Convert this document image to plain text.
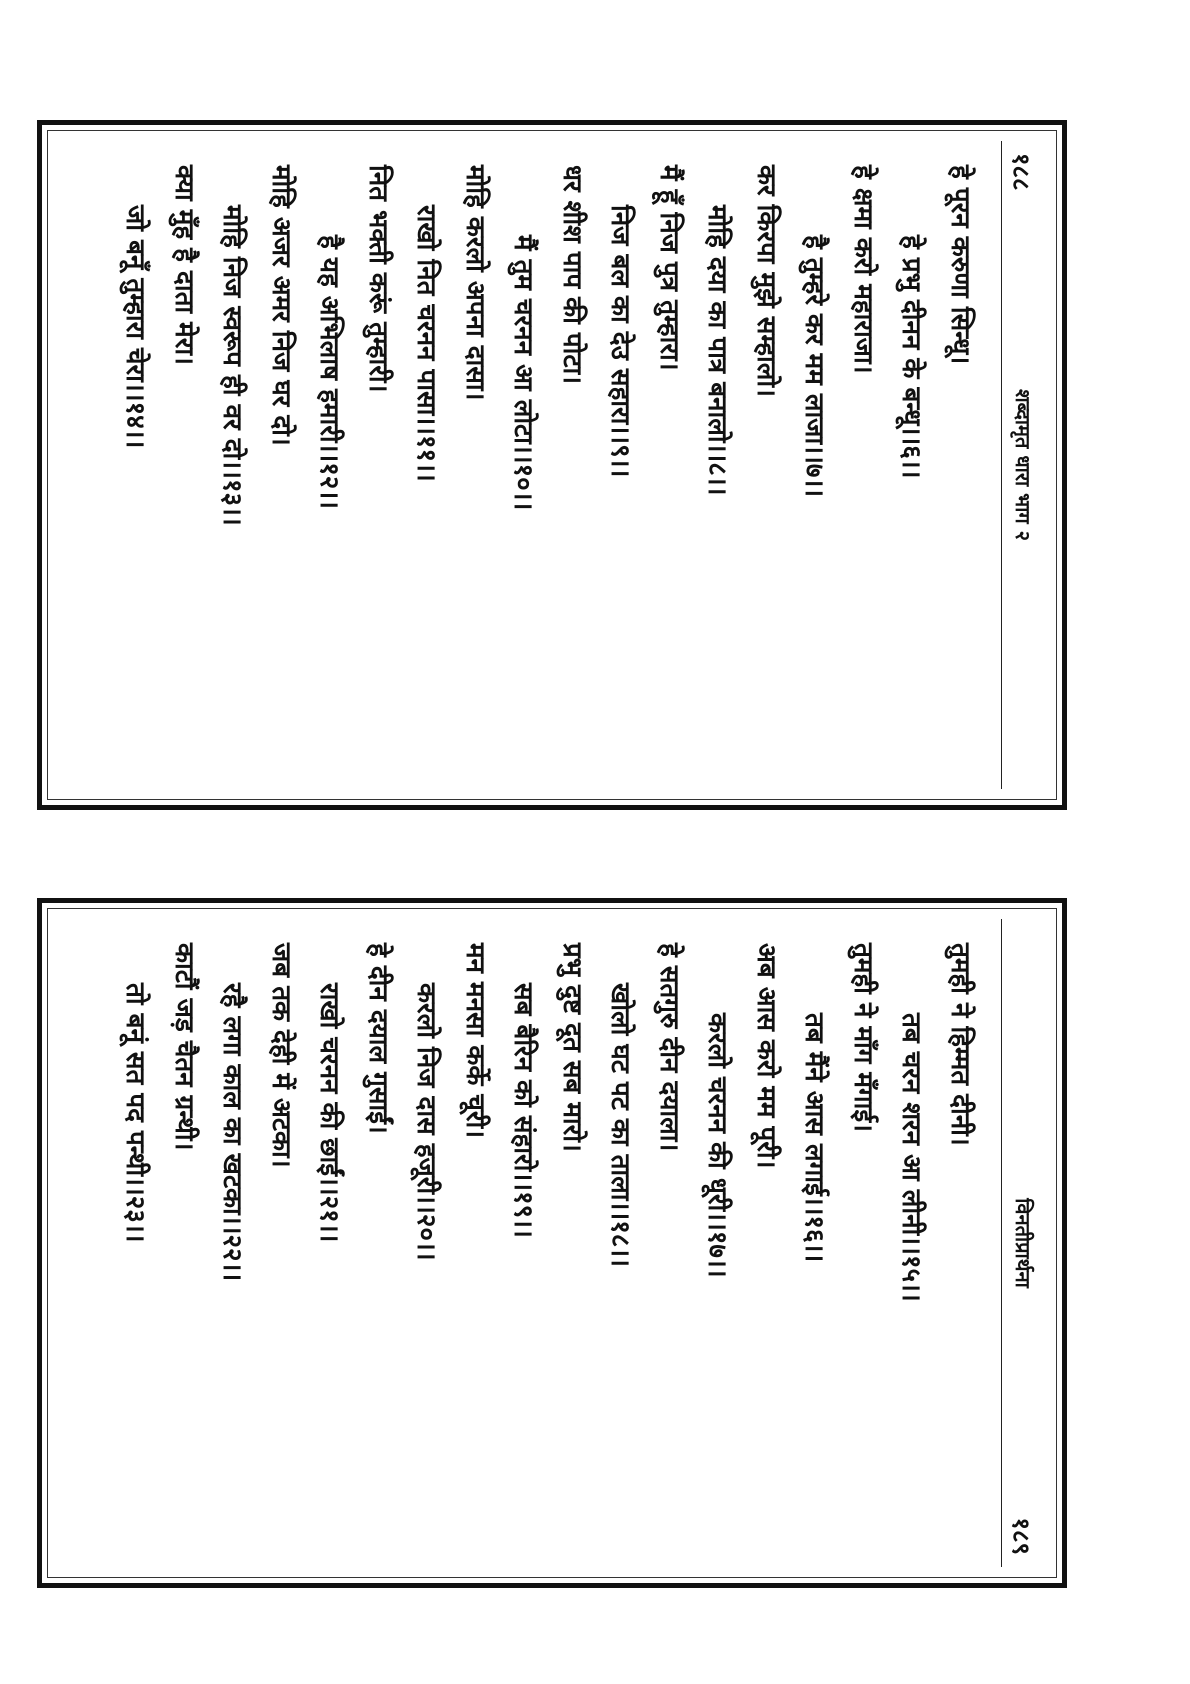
१८८
शब्दामृत धारा भाग २
हे पूरन करुणा सिन्धू।
हे प्रभु दीनन के बन्धू।।६।।
हे क्षमा करो महाराजा।
है तुम्हरे कर मम लाजा।।७।।
कर किरपा मुझे सम्हालो।
मोहि दया का पात्र बनालो।।८।।
मैं हूँ निज पुत्र तुम्हारा।
निज बल का देउ सहारा।।९।।
धर शीश पाप की पोटा।
मैं तुम चरनन आ लोटा।।१०।।
मोहि करलो अपना दासा।
राखो नित चरनन पासा।।११।।
नित भक्ती करूं तुम्हारी।
है यह अभिलाष हमारी।।१२।।
मोहि अजर अमर निज घर दो।
मोहि निज स्वरूप ही वर दो।।१३।।
क्या मुँह है दाता मेरा।
जो बनूँ तुम्हारा चेरा।।१४।।
१८९
विनतीप्रार्थना
तुमही ने हिम्मत दीनी।
तब चरन शरन आ लीनी।।१५।।
तुमही ने माँग मँगाई।
तब मैंने आस लगाई।।१६।।
अब आस करो मम पूरी।
करलो चरनन की धूरी।।१७।।
हे सतगुरु दीन दयाला।
खोलो घट पट का ताला।।१८।।
प्रभु दुष्ट दूत सब मारो।
सब बैरिन को संहारो।।१९।।
मन मनसा कर्के चूरी।
करलो निज दास हजूरी।।२०।।
हे दीन दयाल गुसाईं।
राखो चरनन की छाईं।।२१।।
जब तक देही में अटका।
रहै लगा काल का खटका।।२२।।
काटौं जड़ चैतन ग्रन्थी।
तो बनूं सत पद पन्थी।।२३।।
